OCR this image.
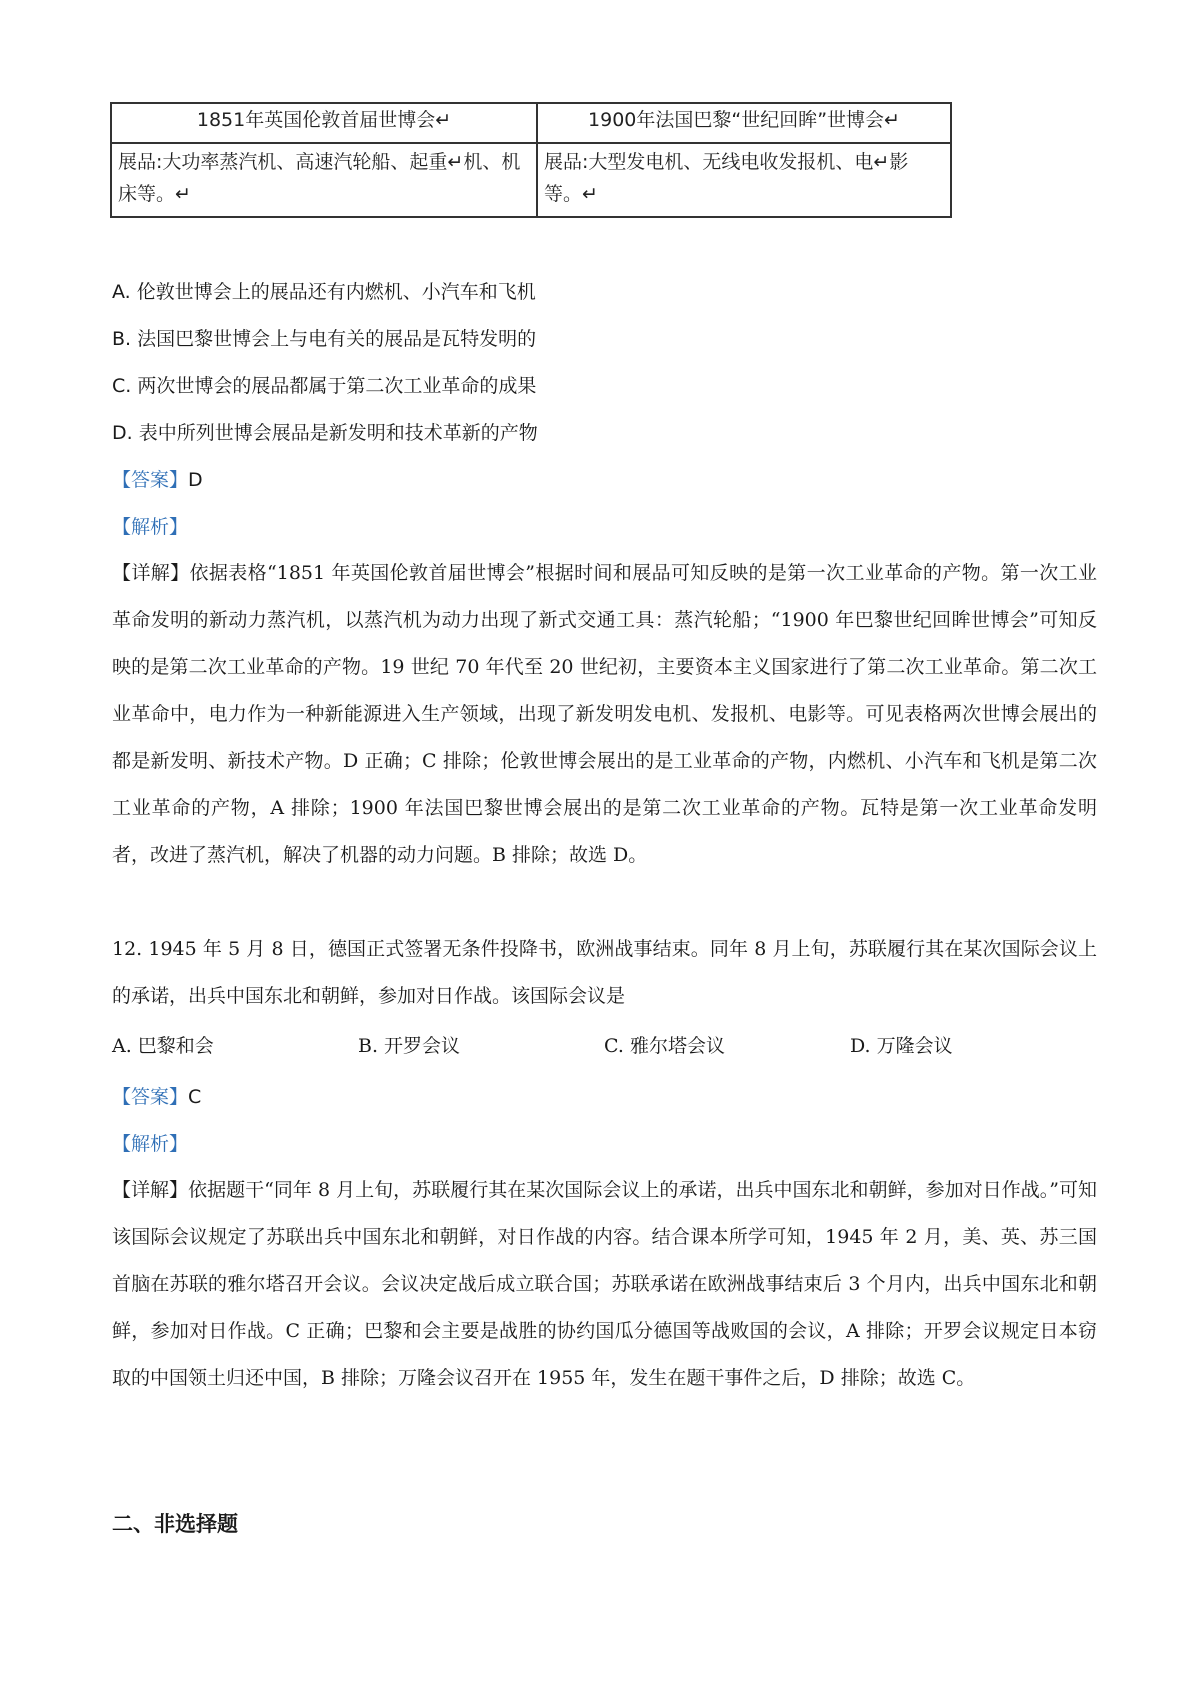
1851年英国伦敦首届世博会↵	1900年法国巴黎“世纪回眸”世博会↵
展品:大功率蒸汽机、高速汽轮船、起重↵机、机床等。↵	展品:大型发电机、无线电收发报机、电↵影等。↵
A. 伦敦世博会上的展品还有内燃机、小汽车和飞机
B. 法国巴黎世博会上与电有关的展品是瓦特发明的
C. 两次世博会的展品都属于第二次工业革命的成果
D. 表中所列世博会展品是新发明和技术革新的产物
【答案】D
【解析】
【详解】依据表格“1851 年英国伦敦首届世博会”根据时间和展品可知反映的是第一次工业革命的产物。第一次工业革命发明的新动力蒸汽机，以蒸汽机为动力出现了新式交通工具：蒸汽轮船；“1900 年巴黎世纪回眸世博会”可知反映的是第二次工业革命的产物。19 世纪 70 年代至 20 世纪初，主要资本主义国家进行了第二次工业革命。第二次工业革命中，电力作为一种新能源进入生产领域，出现了新发明发电机、发报机、电影等。可见表格两次世博会展出的都是新发明、新技术产物。D 正确；C 排除；伦敦世博会展出的是工业革命的产物，内燃机、小汽车和飞机是第二次工业革命的产物，A 排除；1900 年法国巴黎世博会展出的是第二次工业革命的产物。瓦特是第一次工业革命发明者，改进了蒸汽机，解决了机器的动力问题。B 排除；故选 D。
12. 1945 年 5 月 8 日，德国正式签署无条件投降书，欧洲战事结束。同年 8 月上旬，苏联履行其在某次国际会议上的承诺，出兵中国东北和朝鲜，参加对日作战。该国际会议是
A. 巴黎和会	B. 开罗会议	C. 雅尔塔会议	D. 万隆会议
【答案】C
【解析】
【详解】依据题干“同年 8 月上旬，苏联履行其在某次国际会议上的承诺，出兵中国东北和朝鲜，参加对日作战。”可知该国际会议规定了苏联出兵中国东北和朝鲜，对日作战的内容。结合课本所学可知，1945 年 2 月，美、英、苏三国首脑在苏联的雅尔塔召开会议。会议决定战后成立联合国；苏联承诺在欧洲战事结束后 3 个月内，出兵中国东北和朝鲜，参加对日作战。C 正确；巴黎和会主要是战胜的协约国瓜分德国等战败国的会议，A 排除；开罗会议规定日本窃取的中国领土归还中国，B 排除；万隆会议召开在 1955 年，发生在题干事件之后，D 排除；故选 C。
二、非选择题
